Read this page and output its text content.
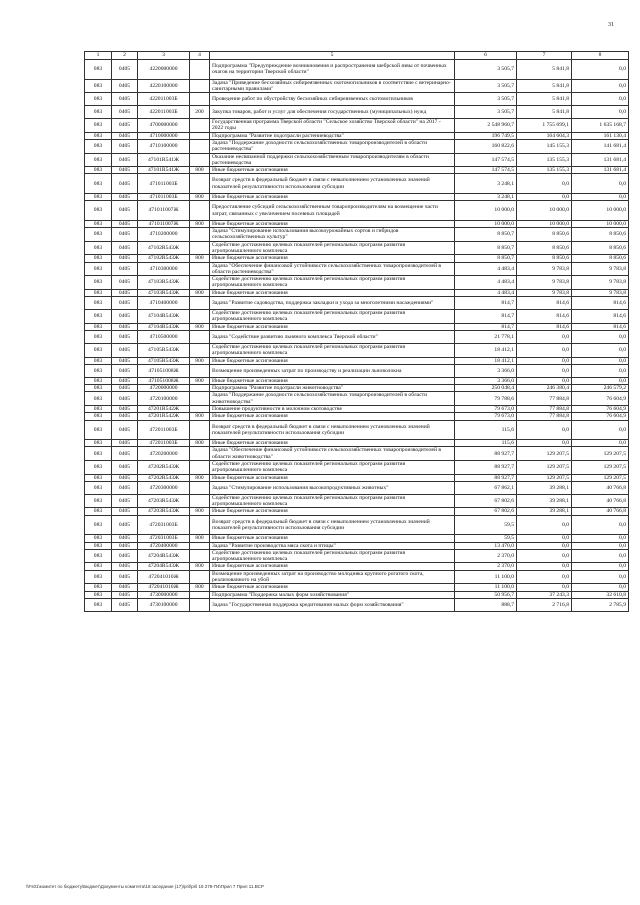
31
1	2	3	4	5	6	7	8
083	0405	4220000000		Подпрограмма "Предупреждение возникновения и распространения шебрской язвы от почвенных очагов на территории Тверской области"	3 505,7	5 841,8	0,0
083	0405	4220100000		Задача "Приведение бесхозяйных сибиреязвенных скотомогильников в соответствие с ветеринарно-санитарными правилами"	3 505,7	5 841,8	0,0
083	0405	422011003Б		Проведение работ по обустройству бесхозяйных сибиреязвенных скотомогильников	3 505,7	5 841,8	0,0
083	0405	422011003Б	200	Закупка товаров, работ и услуг для обеспечения государственных (муниципальных) нужд	3 505,7	5 841,8	0,0
083	0405	4700000000		Государственная программа Тверской области "Сельское хозяйство Тверской области" на 2017 - 2022 годы	2 548 960,7	1 755 699,1	1 635 168,7
083	0405	4710000000		Подпрограмма "Развитие подотрасли растениеводства"	196 749,5	164 604,3	161 130,4
083	0405	4710100000		Задача "Поддержание доходности сельскохозяйственных товаропроизводителей в области растениеводства"	160 822,6	145 155,3	141 681,4
083	0405	47101R541Ж		Оказание несвязанной поддержки сельскохозяйственным товаропроизводителям в области растениеводства	147 574,5	135 155,3	131 681,4
083	0405	47101R541Ж	800	Иные бюджетные ассигнования	147 574,5	135 155,3	131 681,4
083	0405	471011003Б		Возврат средств в федеральный бюджет в связи с невыполнением установленных значений показателей результативности использования субсидии	3 248,1	0,0	0,0
083	0405	471011003Б	800	Иные бюджетные ассигнования	3 248,1	0,0	0,0
083	0405	471011007Ж		Предоставление субсидий сельскохозяйственным товаропроизводителям на возмещение части затрат, связанных с увеличением посевных площадей	10 000,0	10 000,0	10 000,0
083	0405	471011007Ж	800	Иные бюджетные ассигнования	10 000,0	10 000,0	10 000,0
083	0405	4710200000		Задача "Стимулирование использования высокоурожайных сортов и гибридов сельскохозяйственных культур"	8 850,7	8 850,6	8 850,6
083	0405	47102R543Ж		Содействие достижению целевых показателей региональных программ развития агропромышленного комплекса	8 850,7	8 850,6	8 850,6
083	0405	47102R543Ж	800	Иные бюджетные ассигнования	8 850,7	8 850,6	8 850,6
083	0405	4710300000		Задача "Обеспечение финансовой устойчивости сельскохозяйственных товаропроизводителей в области растениеводства"	4 483,4	9 783,8	9 783,8
083	0405	47103R543Ж		Содействие достижению целевых показателей региональных программ развития агропромышленного комплекса	4 483,4	9 783,8	9 783,8
083	0405	47103R543Ж	800	Иные бюджетные ассигнования	4 483,4	9 783,8	9 783,8
083	0405	4710400000		Задача "Развитие садоводства, поддержка закладки и ухода за многолетними насаждениями"	814,7	814,6	814,6
083	0405	47104R543Ж		Содействие достижению целевых показателей региональных программ развития агропромышленного комплекса	814,7	814,6	814,6
083	0405	47104R543Ж	800	Иные бюджетные ассигнования	814,7	814,6	814,6
083	0405	4710500000		Задача "Содействие развитию льняного комплекса Тверской области"	21 778,1	0,0	0,0
083	0405	47105R543Ж		Содействие достижению целевых показателей региональных программ развития агропромышленного комплекса	18 412,1	0,0	0,0
083	0405	47105R543Ж	800	Иные бюджетные ассигнования	18 412,1	0,0	0,0
083	0405	471051008Ж		Возмещение произведенных затрат по производству и реализации льноволокна	3 366,0	0,0	0,0
083	0405	471051008Ж	800	Иные бюджетные ассигнования	3 366,0	0,0	0,0
083	0405	4720000000		Подпрограмма "Развитие подотрасли животноводства"	250 048,4	246 380,4	246 579,2
083	0405	4720100000		Задача "Поддержание доходности сельскохозяйственных товаропроизводителей в области животноводства"	79 788,6	77 884,8	76 604,9
083	0405	47201R542Ж		Повышение продуктивности в молочном скотоводстве	79 673,0	77 884,8	76 604,9
083	0405	47201R542Ж	800	Иные бюджетные ассигнования	79 673,0	77 884,8	76 604,9
083	0405	472011003Б		Возврат средств в федеральный бюджет в связи с невыполнением установленных значений показателей результативности использования субсидии	115,6	0,0	0,0
083	0405	472011003Б	800	Иные бюджетные ассигнования	115,6	0,0	0,0
083	0405	4720200000		Задача "Обеспечение финансовой устойчивости сельскохозяйственных товаропроизводителей в области животноводства"	88 927,7	129 207,5	129 207,5
083	0405	47202R543Ж		Содействие достижению целевых показателей региональных программ развития агропромышленного комплекса	88 927,7	129 207,5	129 207,5
083	0405	47202R543Ж	800	Иные бюджетные ассигнования	88 927,7	129 207,5	129 207,5
083	0405	4720300000		Задача "Стимулирование использования высокопродуктивных животных"	67 862,1	39 288,1	40 766,8
083	0405	47203R543Ж		Содействие достижению целевых показателей региональных программ развития агропромышленного комплекса	67 802,6	39 288,1	40 766,8
083	0405	47203R543Ж	800	Иные бюджетные ассигнования	67 802,6	39 288,1	40 766,8
083	0405	472031003Б		Возврат средств в федеральный бюджет в связи с невыполнением установленных значений показателей результативности использования субсидии	59,5	0,0	0,0
083	0405	472031003Б	800	Иные бюджетные ассигнования	59,5	0,0	0,0
083	0405	4720400000		Задача "Развитие производства мяса скота и птицы"	13 470,0	0,0	0,0
083	0405	47204R543Ж		Содействие достижению целевых показателей региональных программ развития агропромышленного комплекса	2 370,0	0,0	0,0
083	0405	47204R543Ж	800	Иные бюджетные ассигнования	2 370,0	0,0	0,0
083	0405	472041010Ж		Возмещение произведенных затрат на производство молодняка крупного рогатого скота, реализованного на убой	11 100,0	0,0	0,0
083	0405	472041010Ж	800	Иные бюджетные ассигнования	11 100,0	0,0	0,0
083	0405	4730000000		Подпрограмма "Поддержка малых форм хозяйствования"	50 956,7	37 243,3	32 610,8
083	0405	4730100000		Задача "Государственная поддержка кредитования малых форм хозяйствования"	888,7	2 716,8	2 785,9
\\Fs01\комитет по бюджету\Бюджет\Документы комитета\18 заседание (17)\pril\pril 18 278-П4\Прил 7 Прил 11.ВСР
